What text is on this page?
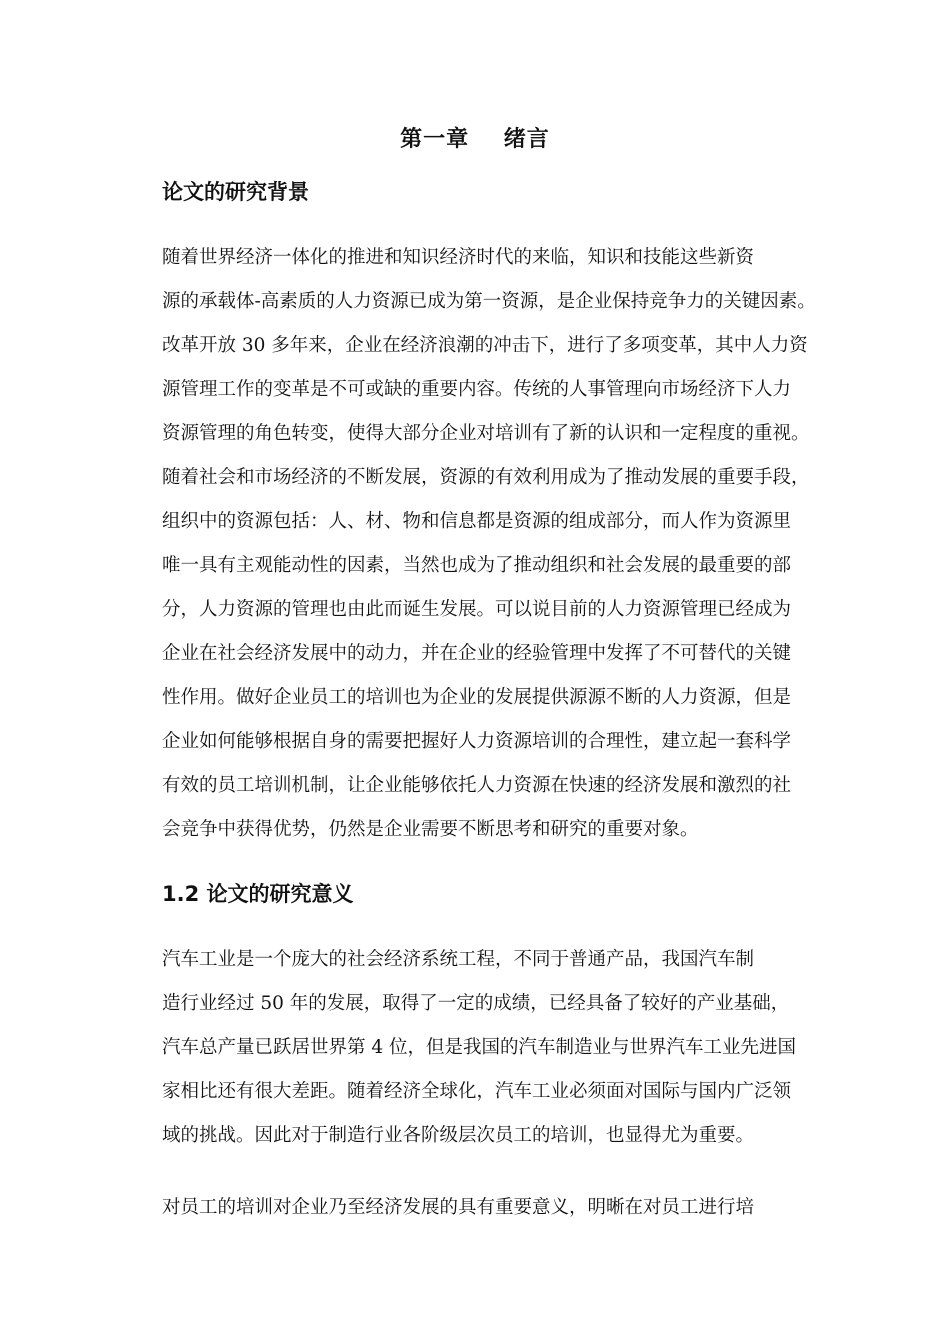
第一章    绪言
论文的研究背景
随着世界经济一体化的推进和知识经济时代的来临，知识和技能这些新资
源的承载体-高素质的人力资源已成为第一资源，是企业保持竞争力的关键因素。
改革开放 30 多年来，企业在经济浪潮的冲击下，进行了多项变革，其中人力资
源管理工作的变革是不可或缺的重要内容。传统的人事管理向市场经济下人力
资源管理的角色转变，使得大部分企业对培训有了新的认识和一定程度的重视。
随着社会和市场经济的不断发展，资源的有效利用成为了推动发展的重要手段，
组织中的资源包括：人、材、物和信息都是资源的组成部分，而人作为资源里
唯一具有主观能动性的因素，当然也成为了推动组织和社会发展的最重要的部
分，人力资源的管理也由此而诞生发展。可以说目前的人力资源管理已经成为
企业在社会经济发展中的动力，并在企业的经验管理中发挥了不可替代的关键
性作用。做好企业员工的培训也为企业的发展提供源源不断的人力资源，但是
企业如何能够根据自身的需要把握好人力资源培训的合理性，建立起一套科学
有效的员工培训机制，让企业能够依托人力资源在快速的经济发展和激烈的社
会竞争中获得优势，仍然是企业需要不断思考和研究的重要对象。
1.2 论文的研究意义
汽车工业是一个庞大的社会经济系统工程，不同于普通产品，我国汽车制
造行业经过 50 年的发展，取得了一定的成绩，已经具备了较好的产业基础，
汽车总产量已跃居世界第 4 位，但是我国的汽车制造业与世界汽车工业先进国
家相比还有很大差距。随着经济全球化，汽车工业必须面对国际与国内广泛领
域的挑战。因此对于制造行业各阶级层次员工的培训，也显得尤为重要。
对员工的培训对企业乃至经济发展的具有重要意义，明晰在对员工进行培
